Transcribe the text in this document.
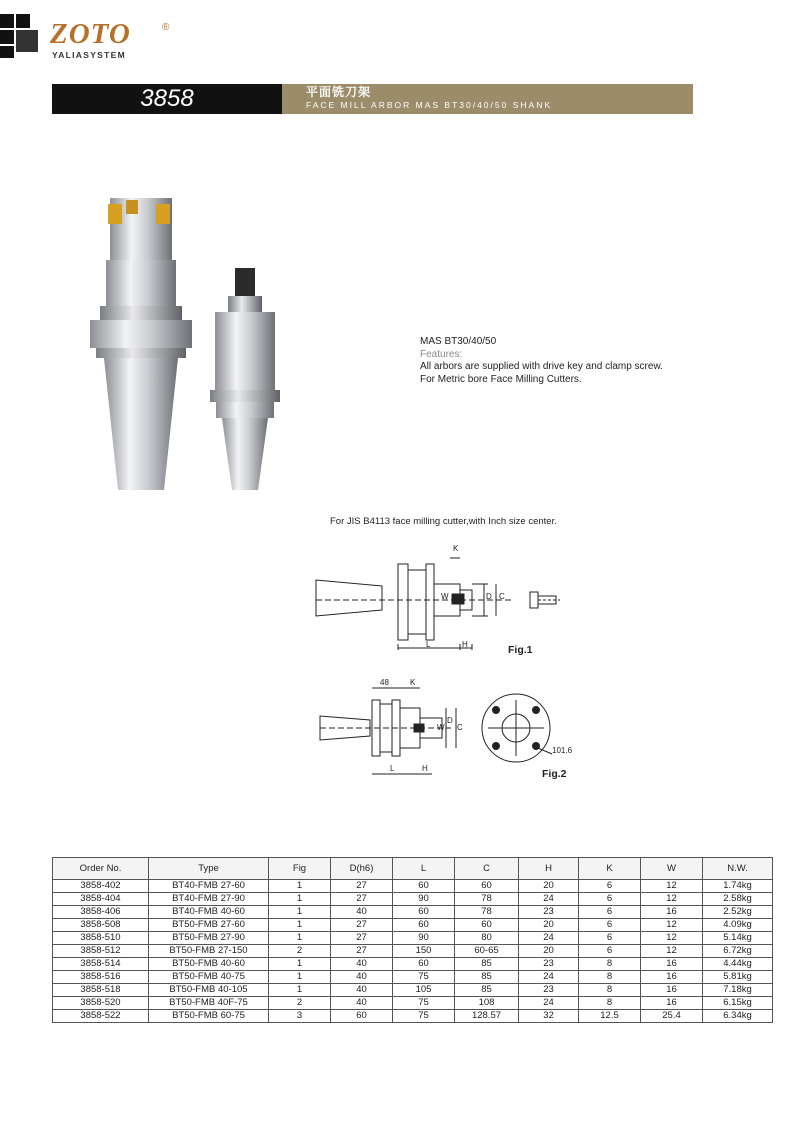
ZOTO	®
YALIASYSTEM
3858	平面铣刀架
FACE MILL ARBOR MAS BT30/40/50 SHANK
MAS BT30/40/50
Features:
All arbors are supplied with drive key and clamp screw.
For Metric bore Face Milling Cutters.
For JIS B4113 face milling cutter,with Inch size center.
K
W	D C
L	H	Fig.1
48	K
W
D
C
L	H
101.6
Fig.2
Order No.	Type	Fig	D(h6)	L	C	H	K	W	N.W.
3858-402	BT40-FMB 27-60	1	27	60	60	20	6	12	1.74kg
3858-404	BT40-FMB 27-90	1	27	90	78	24	6	12	2.58kg
3858-406	BT40-FMB 40-60	1	40	60	78	23	6	16	2.52kg
3858-508	BT50-FMB 27-60	1	27	60	60	20	6	12	4.09kg
3858-510	BT50-FMB 27-90	1	27	90	80	24	6	12	5.14kg
3858-512	BT50-FMB 27-150	2	27	150	60-65	20	6	12	6.72kg
3858-514	BT50-FMB 40-60	1	40	60	85	23	8	16	4.44kg
3858-516	BT50-FMB 40-75	1	40	75	85	24	8	16	5.81kg
3858-518	BT50-FMB 40-105	1	40	105	85	23	8	16	7.18kg
3858-520	BT50-FMB 40F-75	2	40	75	108	24	8	16	6.15kg
3858-522	BT50-FMB 60-75	3	60	75	128.57	32	12.5	25.4	6.34kg
